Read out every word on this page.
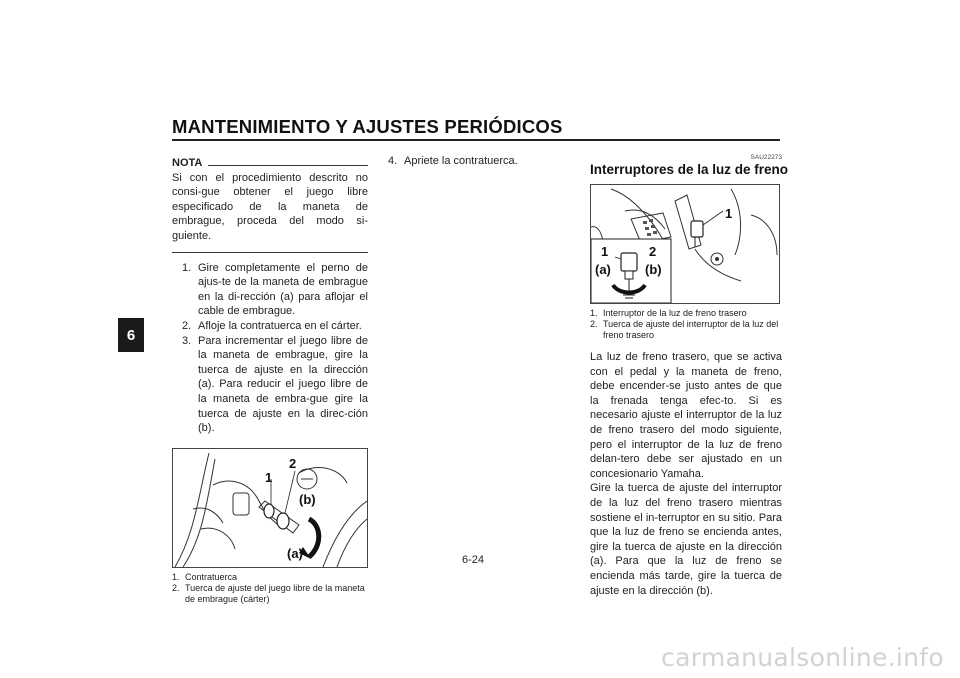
MANTENIMIENTO Y AJUSTES PERIÓDICOS
6
NOTA
Si con el procedimiento descrito no consi-gue obtener el juego libre especificado de la maneta de embrague, proceda del modo si-guiente.
1. Gire completamente el perno de ajus-te de la maneta de embrague en la di-rección (a) para aflojar el cable de embrague.
2. Afloje la contratuerca en el cárter.
3. Para incrementar el juego libre de la maneta de embrague, gire la tuerca de ajuste en la dirección (a). Para reducir el juego libre de la maneta de embra-gue gire la tuerca de ajuste en la direc-ción (b).
1
2
(b)
(a)
1. Contratuerca
2. Tuerca de ajuste del juego libre de la maneta de embrague (cárter)
4. Apriete la contratuerca.	SAU22273
Interruptores de la luz de freno
1	2
(a)	(b)
1
1. Interruptor de la luz de freno trasero
2. Tuerca de ajuste del interruptor de la luz del freno trasero

La luz de freno trasero, que se activa con el pedal y la maneta de freno, debe encender-se justo antes de que la frenada tenga efec-to. Si es necesario ajuste el interruptor de la luz de freno trasero del modo siguiente, pero el interruptor de la luz de freno delan-tero debe ser ajustado en un concesionario Yamaha.

Gire la tuerca de ajuste del interruptor de la luz del freno trasero mientras sostiene el in-terruptor en su sitio. Para que la luz de freno se encienda antes, gire la tuerca de ajuste en la dirección (a). Para que la luz de freno se encienda más tarde, gire la tuerca de ajuste en la dirección (b).

6-24
carmanualsonline.info
